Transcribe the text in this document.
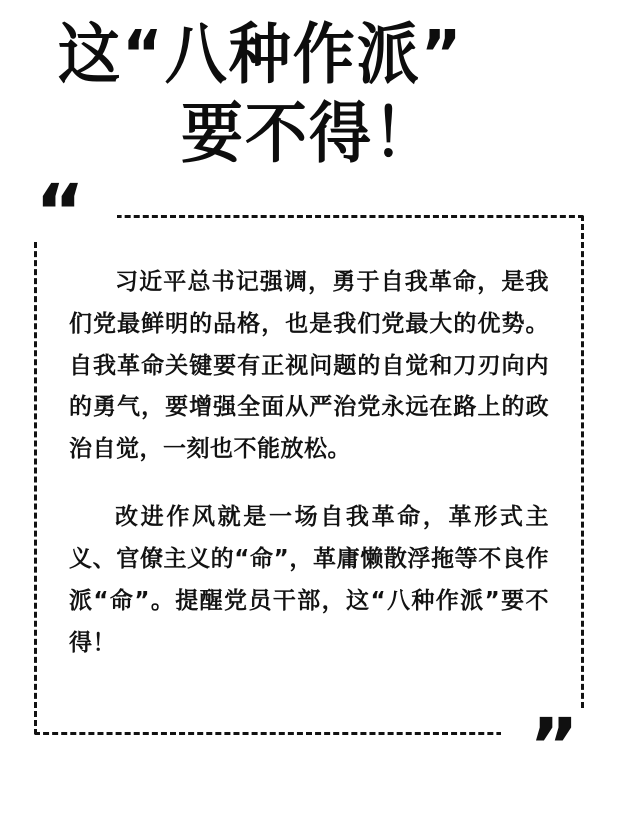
这“八种作派”
要不得！
“
”

习近平总书记强调，勇于自我革命，是我们党最鲜明的品格，也是我们党最大的优势。自我革命关键要有正视问题的自觉和刀刃向内的勇气，要增强全面从严治党永远在路上的政治自觉，一刻也不能放松。

改进作风就是一场自我革命，革形式主义、官僚主义的“命”，革庸懒散浮拖等不良作派“命”。提醒党员干部，这“八种作派”要不得！
